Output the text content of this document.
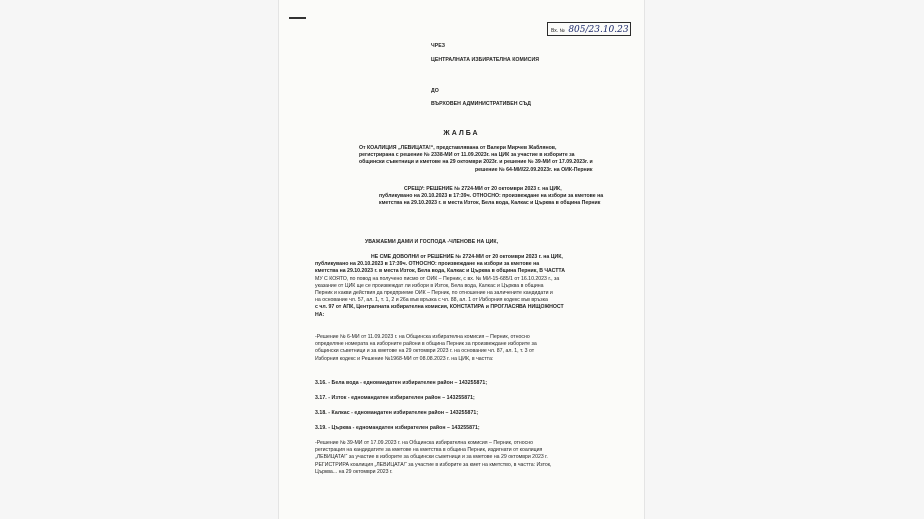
Вх. № 805/23.10.23
ЧРЕЗ
ЦЕНТРАЛНАТА ИЗБИРАТЕЛНА КОМИСИЯ
ДО
ВЪРХОВЕН АДМИНИСТРАТИВЕН СЪД
ЖАЛБА
От КОАЛИЦИЯ „ЛЕВИЦАТА!“, представлявана от Валери Мирчев Жаблянов,
регистрирана с решение № 2338-МИ от 11.09.2023г. на ЦИК за участие в изборите за
общински съветници и кметове на 29 октомври 2023г. и решение № 39-МИ от 17.09.2023г. и
решение № 64-МИ/22.09.2023г. на ОИК-Перник
СРЕЩУ: РЕШЕНИЕ № 2724-МИ от 20 октомври 2023 г. на ЦИК,
публикувано на 20.10.2023 в 17:39ч. ОТНОСНО: произвеждане на избори за кметове на
кметства на 29.10.2023 г. в места Изток, Бела вода, Калкас и Църква в община Перник
УВАЖАЕМИ ДАМИ И ГОСПОДА -ЧЛЕНОВЕ НА ЦИК,
НЕ СМЕ ДОВОЛНИ от РЕШЕНИЕ № 2724-МИ от 20 октомври 2023 г. на ЦИК,
публикувано на 20.10.2023 в 17:39ч. ОТНОСНО: произвеждане на избори за кметове на
кметства на 29.10.2023 г. в места Изток, Бела вода, Калкас и Църква в община Перник, В ЧАСТТА
МУ С КОЯТО, по повод на получено писмо от ОИК – Перник, с вх. № МИ-15-685/1 от 16.10.2023 г., за
указание от ЦИК ще се произвеждат ли избори в Изток, Бела вода, Калкас и Църква в община
Перник и какви действия да предприеме ОИК – Перник, по отношение на заличените кандидати и
на основание чл. 57, ал. 1, т. 1, 2 и 26а във връзка с чл. 88, ал. 1 от Изборния кодекс във връзка
с чл. 97 от АПК, Централната избирателна комисия, КОНСТАТИРА и ПРОГЛАСЯВА НИЩОЖНОСТ
НА:
-Решение № 6-МИ от 11.09.2023 г. на Общинска избирателна комисия – Перник, относно
определяне номерата на изборните райони в община Перник за произвеждане изборите за
общински съветници и за кметове на 29 октомври 2023 г. на основание чл. 87, ал. 1, т. 3 от
Изборния кодекс и Решение №1968-МИ от 08.08.2023 г. на ЦИК, в частта:
3.16. - Бела вода - едномандатен избирателен район – 143255871;
3.17. - Изток - едномандатен избирателен район – 143255871;
3.18. - Калкас - едномандатен избирателен район – 143255871;
3.19. - Църква - едномандатен избирателен район – 143255871;
-Решение № 39-МИ от 17.09.2023 г. на Общинска избирателна комисия – Перник, относно
регистрация на кандидатите за кметове на кметства в община Перник, издигнати от коалиция
„ЛЕВИЦАТА!“ за участие в изборите за общински съветници и за кметове на 29 октомври 2023 г.
РЕГИСТРИРА коалиция „ЛЕВИЦАТА!“ за участие в изборите за кмет на кметство, в частта: Изток,
Църква... на 29 октомври 2023 г.
